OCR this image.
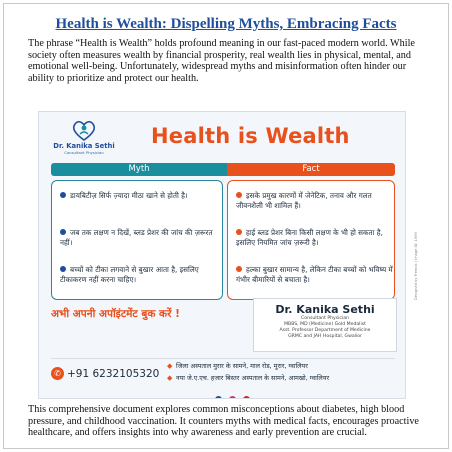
Health is Wealth: Dispelling Myths, Embracing Facts

The phrase “Health is Wealth” holds profound meaning in our fast-paced modern world. While society often measures wealth by financial prosperity, real wealth lies in physical, mental, and emotional well-being. Unfortunately, widespread myths and misinformation often hinder our ability to prioritize and protect our health.

Dr. Kanika Sethi
Consultant Physician
Health is Wealth
Myth	Fact
डायबिटीज़ सिर्फ ज़्यादा मीठा खाने से होती है।
जब तक लक्षण न दिखें, ब्लड प्रेशर की जांच की ज़रूरत नहीं।
बच्चों को टीका लगवाने से बुखार आता है, इसलिए टीकाकरण नहीं करना चाहिए।
इसके प्रमुख कारणों में जेनेटिक, तनाव और गलत जीवनशैली भी शामिल हैं।
हाई ब्लड प्रेशर बिना किसी लक्षण के भी हो सकता है, इसलिए नियमित जांच ज़रूरी है।
हल्का बुखार सामान्य है, लेकिन टीका बच्चों को भविष्य में गंभीर बीमारियों से बचाता है।
अभी अपनी अपॉइंटमेंट बुक करें !	Dr. Kanika Sethi
Consultant Physician
MBBS, MD (Medicine) Gold Medalist
Asst. Professor Department of Medicine
GRMC and JAH Hospital, Gwalior
✆ +91 6232105320
◆ जिला अस्पताल मुरार के सामने, माल रोड, मुरार, ग्वालियर
◆ नया जे.ए.एच. हजार बिस्तर अस्पताल के सामने, आमखो, ग्वालियर

Designed by Freepik | Image ID: 1999

This comprehensive document explores common misconceptions about diabetes, high blood pressure, and childhood vaccination. It counters myths with medical facts, encourages proactive healthcare, and offers insights into why awareness and early prevention are crucial.
